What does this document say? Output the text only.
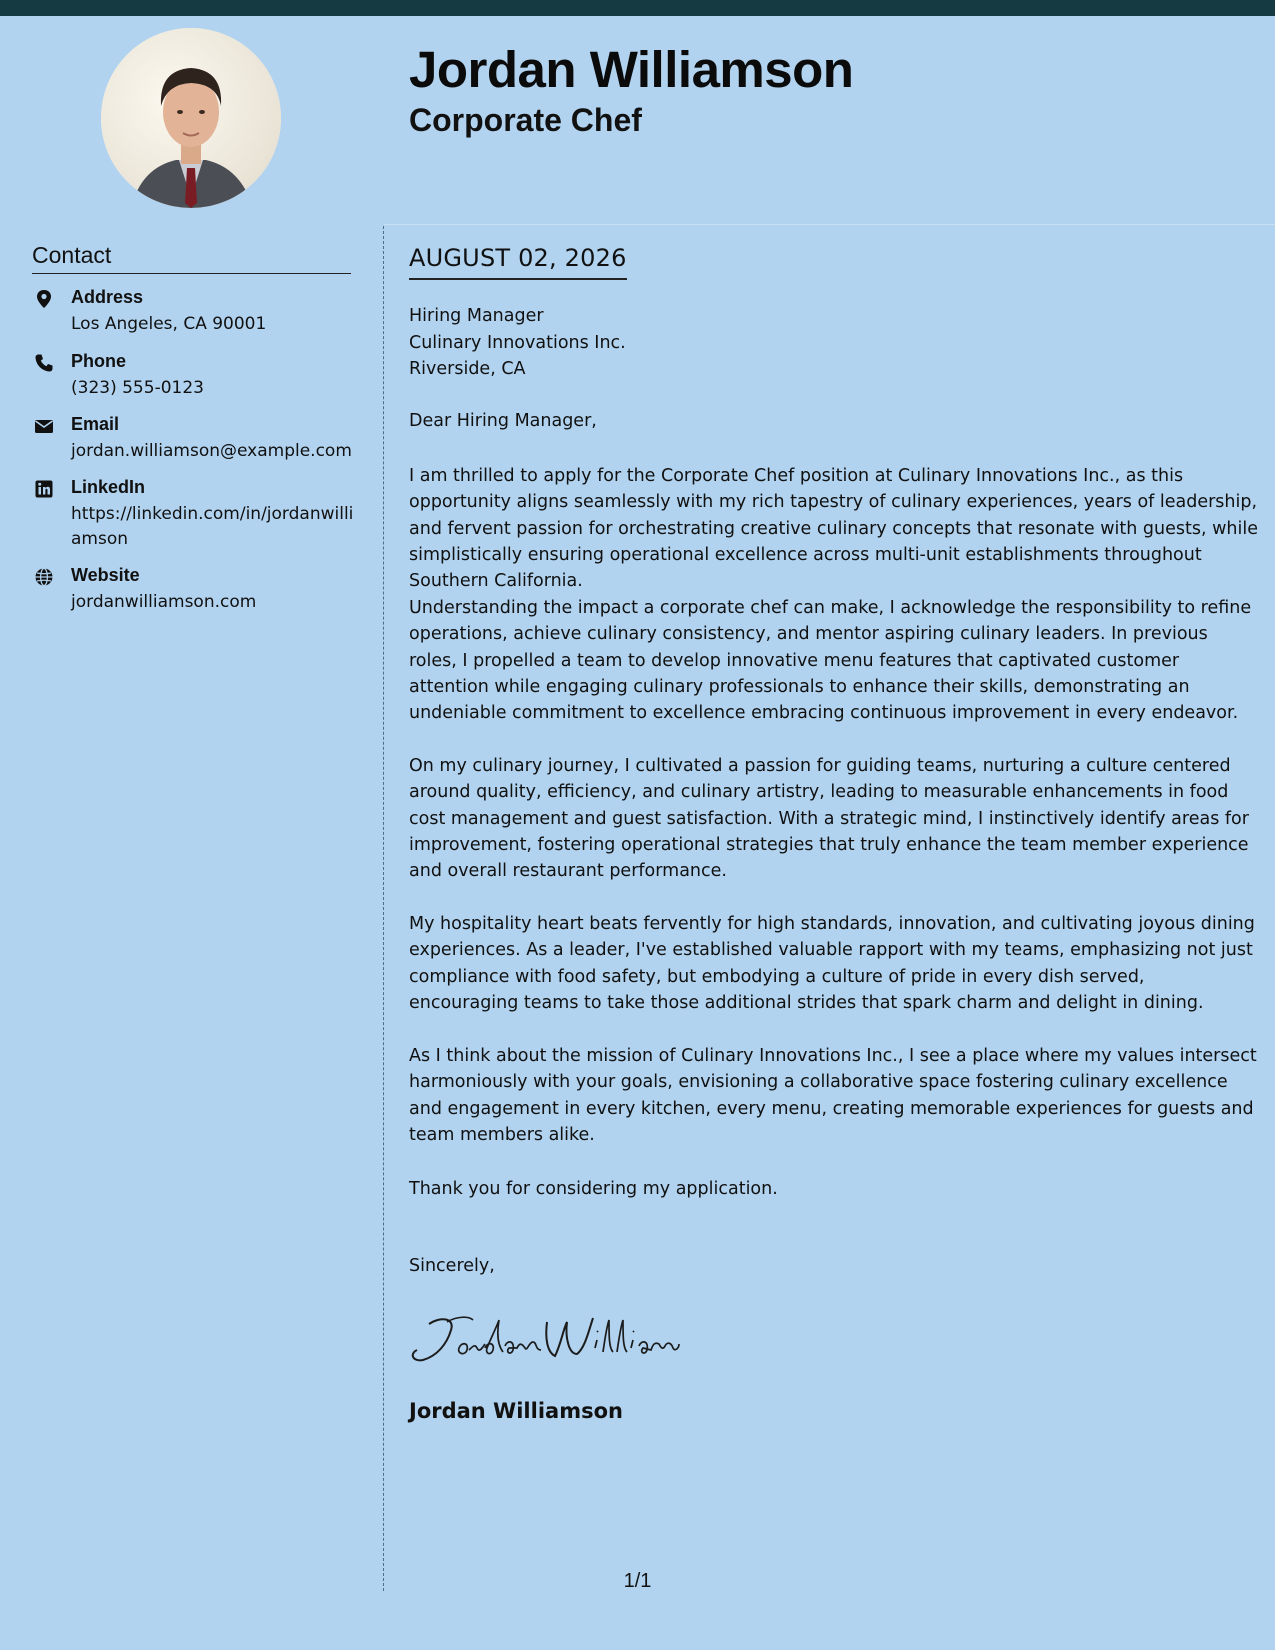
Jordan Williamson
Corporate Chef
Contact
Address
Los Angeles, CA 90001
Phone
(323) 555-0123
Email
jordan.williamson@example.com
LinkedIn
https://linkedin.com/in/jordanwilliamson
Website
jordanwilliamson.com
AUGUST 02, 2026
Hiring Manager
Culinary Innovations Inc.
Riverside, CA
Dear Hiring Manager,

I am thrilled to apply for the Corporate Chef position at Culinary Innovations Inc., as this opportunity aligns seamlessly with my rich tapestry of culinary experiences, years of leadership, and fervent passion for orchestrating creative culinary concepts that resonate with guests, while simplistically ensuring operational excellence across multi-unit establishments throughout Southern California.

Understanding the impact a corporate chef can make, I acknowledge the responsibility to refine operations, achieve culinary consistency, and mentor aspiring culinary leaders. In previous roles, I propelled a team to develop innovative menu features that captivated customer attention while engaging culinary professionals to enhance their skills, demonstrating an undeniable commitment to excellence embracing continuous improvement in every endeavor.

On my culinary journey, I cultivated a passion for guiding teams, nurturing a culture centered around quality, efficiency, and culinary artistry, leading to measurable enhancements in food cost management and guest satisfaction. With a strategic mind, I instinctively identify areas for improvement, fostering operational strategies that truly enhance the team member experience and overall restaurant performance.

My hospitality heart beats fervently for high standards, innovation, and cultivating joyous dining experiences. As a leader, I've established valuable rapport with my teams, emphasizing not just compliance with food safety, but embodying a culture of pride in every dish served, encouraging teams to take those additional strides that spark charm and delight in dining.

As I think about the mission of Culinary Innovations Inc., I see a place where my values intersect harmoniously with your goals, envisioning a collaborative space fostering culinary excellence and engagement in every kitchen, every menu, creating memorable experiences for guests and team members alike.

Thank you for considering my application.

Sincerely,
Jordan Williamson
1/1
